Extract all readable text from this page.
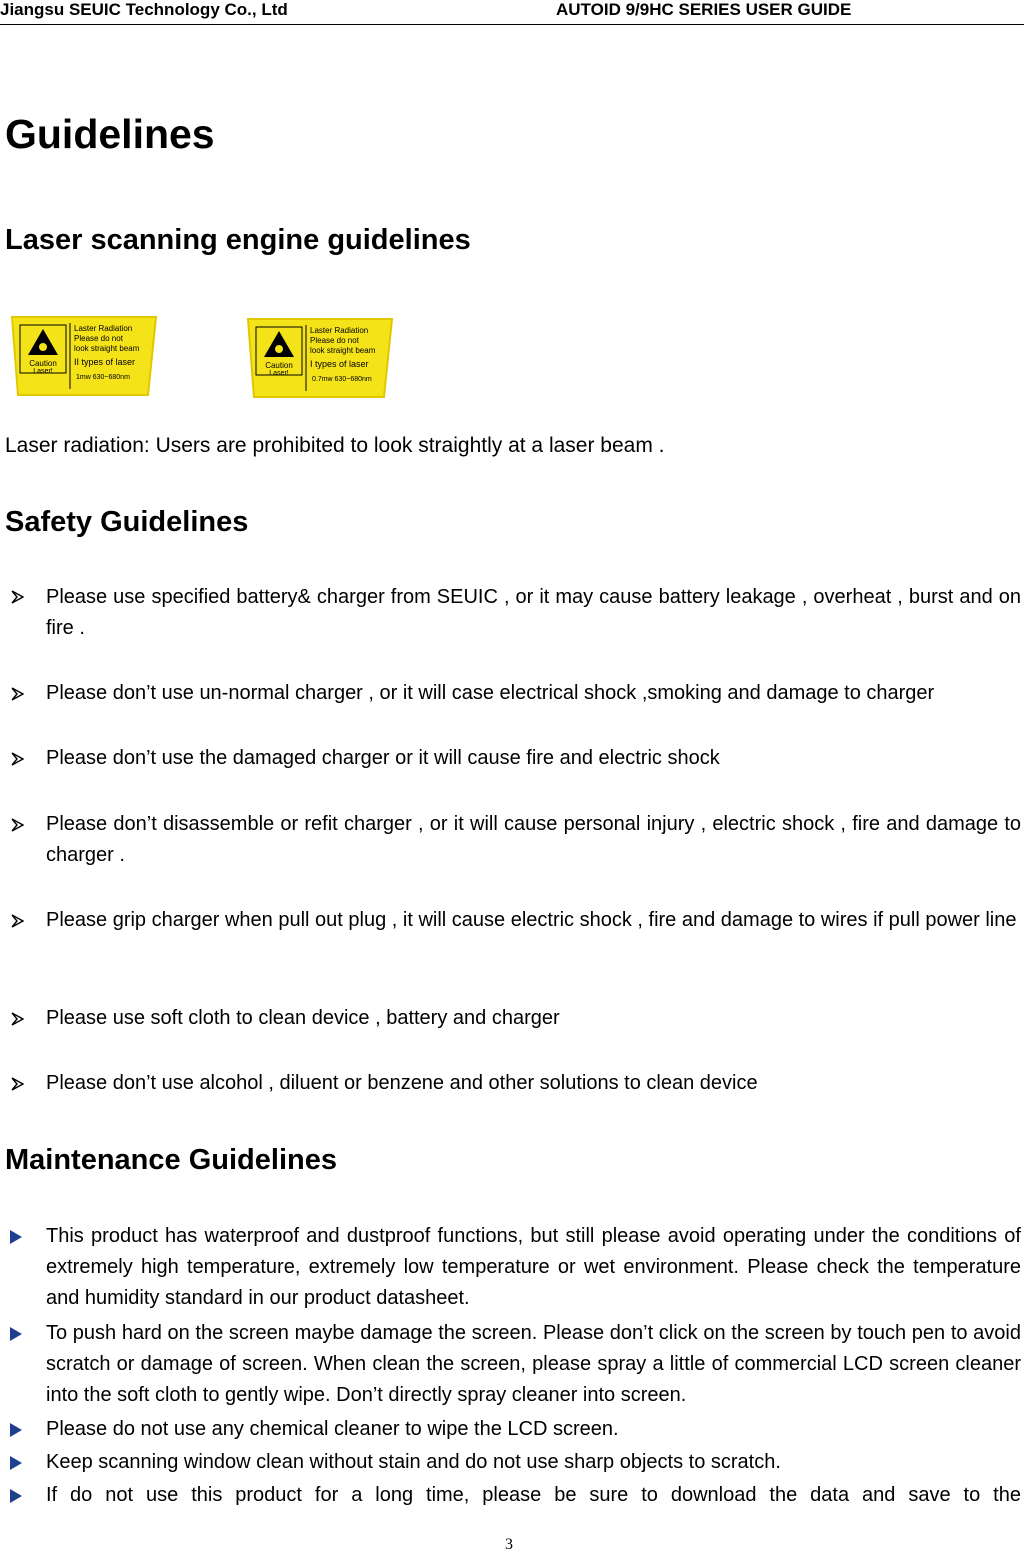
Jiangsu SEUIC Technology Co., Ltd	AUTOID 9/9HC SERIES USER GUIDE
Guidelines
Laser scanning engine guidelines
Caution
Laser!
Laster Radiation
Please do not
look straight beam
II types of laser
1mw 630~680nm
Caution
Laser!
Laster Radiation
Please do not
look straight beam
I types of laser
0.7mw 630~680nm
Laser radiation: Users are prohibited to look straightly at a laser beam .
Safety Guidelines
Please use specified battery& charger from SEUIC , or it may cause battery leakage , overheat , burst and on fire .
Please don’t use un-normal charger , or it will case electrical shock ,smoking and damage to charger
Please don’t use the damaged charger or it will cause fire and electric shock
Please don’t disassemble or refit charger , or it will cause personal injury , electric shock , fire and damage to charger .
Please grip charger when pull out plug , it will cause electric shock , fire and damage to wires if pull power line
Please use soft cloth to clean device , battery and charger
Please don’t use alcohol , diluent or benzene and other solutions to clean device
Maintenance Guidelines
This product has waterproof and dustproof functions, but still please avoid operating under the conditions of extremely high temperature, extremely low temperature or wet environment. Please check the temperature and humidity standard in our product datasheet.
To push hard on the screen maybe damage the screen. Please don’t click on the screen by touch pen to avoid scratch or damage of screen. When clean the screen, please spray a little of commercial LCD screen cleaner into the soft cloth to gently wipe. Don’t directly spray cleaner into screen.
Please do not use any chemical cleaner to wipe the LCD screen.
Keep scanning window clean without stain and do not use sharp objects to scratch.
If do not use this product for a long time, please be sure to download the data and save to the
3
